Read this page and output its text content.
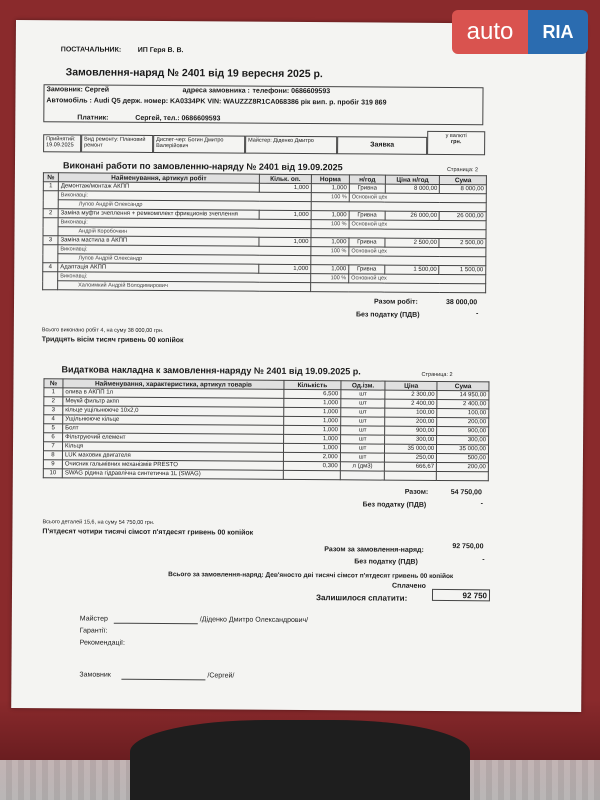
ПОСТАЧАЛЬНИК: ИП Геря В. В.
Замовлення-наряд № 2401 від 19 вересня 2025 р.
Замовник: Сергей	адреса замовника : телефони: 0686609593
Автомобіль : Audi Q5 держ. номер: KA0334PK VIN: WAUZZZ8R1CA068386 рік вип. р. пробіг 319 869
Платник:	Сергей, тел.: 0686609593
Прийнятий: 19.09.2025
Вид ремонту: Плановий ремонт
Диспет-чер: Богин Дмитро Валерійович
Майстер: Діденко Дмитро
Заявка
у валюті
грн.
Виконані работи по замовленню-наряду № 2401 від 19.09.2025	Страница: 2
№	Найменування, артикул робіт	Кільк. оп.	Норма	н/год	Ціна н/год	Сума
1	Демонтаж/монтаж АКПП	1,000	1,000	Гривна	8 000,00	8 000,00
	Виконавці:		100 %	Основной цех		
	Лупов Андрій Олександр					
2	Заміна муфти зчеплення + ремкомплект фрикционів зчеплення	1,000	1,000	Гривна	26 000,00	26 000,00
	Виконавці:		100 %	Основной цех		
	Андрій Коробочкин					
3	Заміна мастила в АКПП	1,000	1,000	Гривна	2 500,00	2 500,00
	Виконавці:		100 %	Основной цех		
	Лупов Андрій Олександр					
4	Адаптація АКПП	1,000	1,000	Гривна	1 500,00	1 500,00
	Виконавці:		100 %	Основной цех		
	Халоимкий Андрій Володимирович					
Разом робіт:	38 000,00
Без податку (ПДВ)	-
Всього виконано робіт 4, на суму 38 000,00 грн.
Тридцять вісім тисяч гривень 00 копійок
Видаткова накладна к замовлення-наряду № 2401 від 19.09.2025 р.	Страница: 2
№	Найменування, характеристика, артикул товарів	Кількість	Од.ізм.	Ціна	Сума
1	олива в АКПП 1л	6,500	шт	2 300,00	14 950,00
2	Мөүкй фильтр акпп	1,000	шт	2 400,00	2 400,00
3	кільце ущільнююче 10х2,0	1,000	шт	100,00	100,00
4	Ущільнююче кільце	1,000	шт	200,00	200,00
5	Болт	1,000	шт	900,00	900,00
6	Фільтруючий елемент	1,000	шт	300,00	300,00
7	Кільця	1,000	шт	35 000,00	35 000,00
8	LUK маховик двигателя	2,000	шт	250,00	500,00
9	Очисник гальмівних механізмів PRESTO	0,300	л (дм3)	666,67	200,00
10	SWAG рідина гідравлічна синтетична 1L (SWAG)				
Разом:	54 750,00
Без податку (ПДВ)	-
Всього деталей 15,6, на суму 54 750,00 грн.
П'ятдесят чотири тисячі сімсот п'ятдесят гривень 00 копійок
Разом за замовлення-наряд:	92 750,00
Без податку (ПДВ)	-
Всього за замовлення-наряд: Дев'яносто дві тисячі сімсот п'ятдесят гривень 00 копійок
Сплачено
Залишилося сплатити:	92 750
Майстер	/Діденко Дмитро Олександрович/
Гарантії:
Рекомендації:
Замовник	/Сергей/
auto	RIA
